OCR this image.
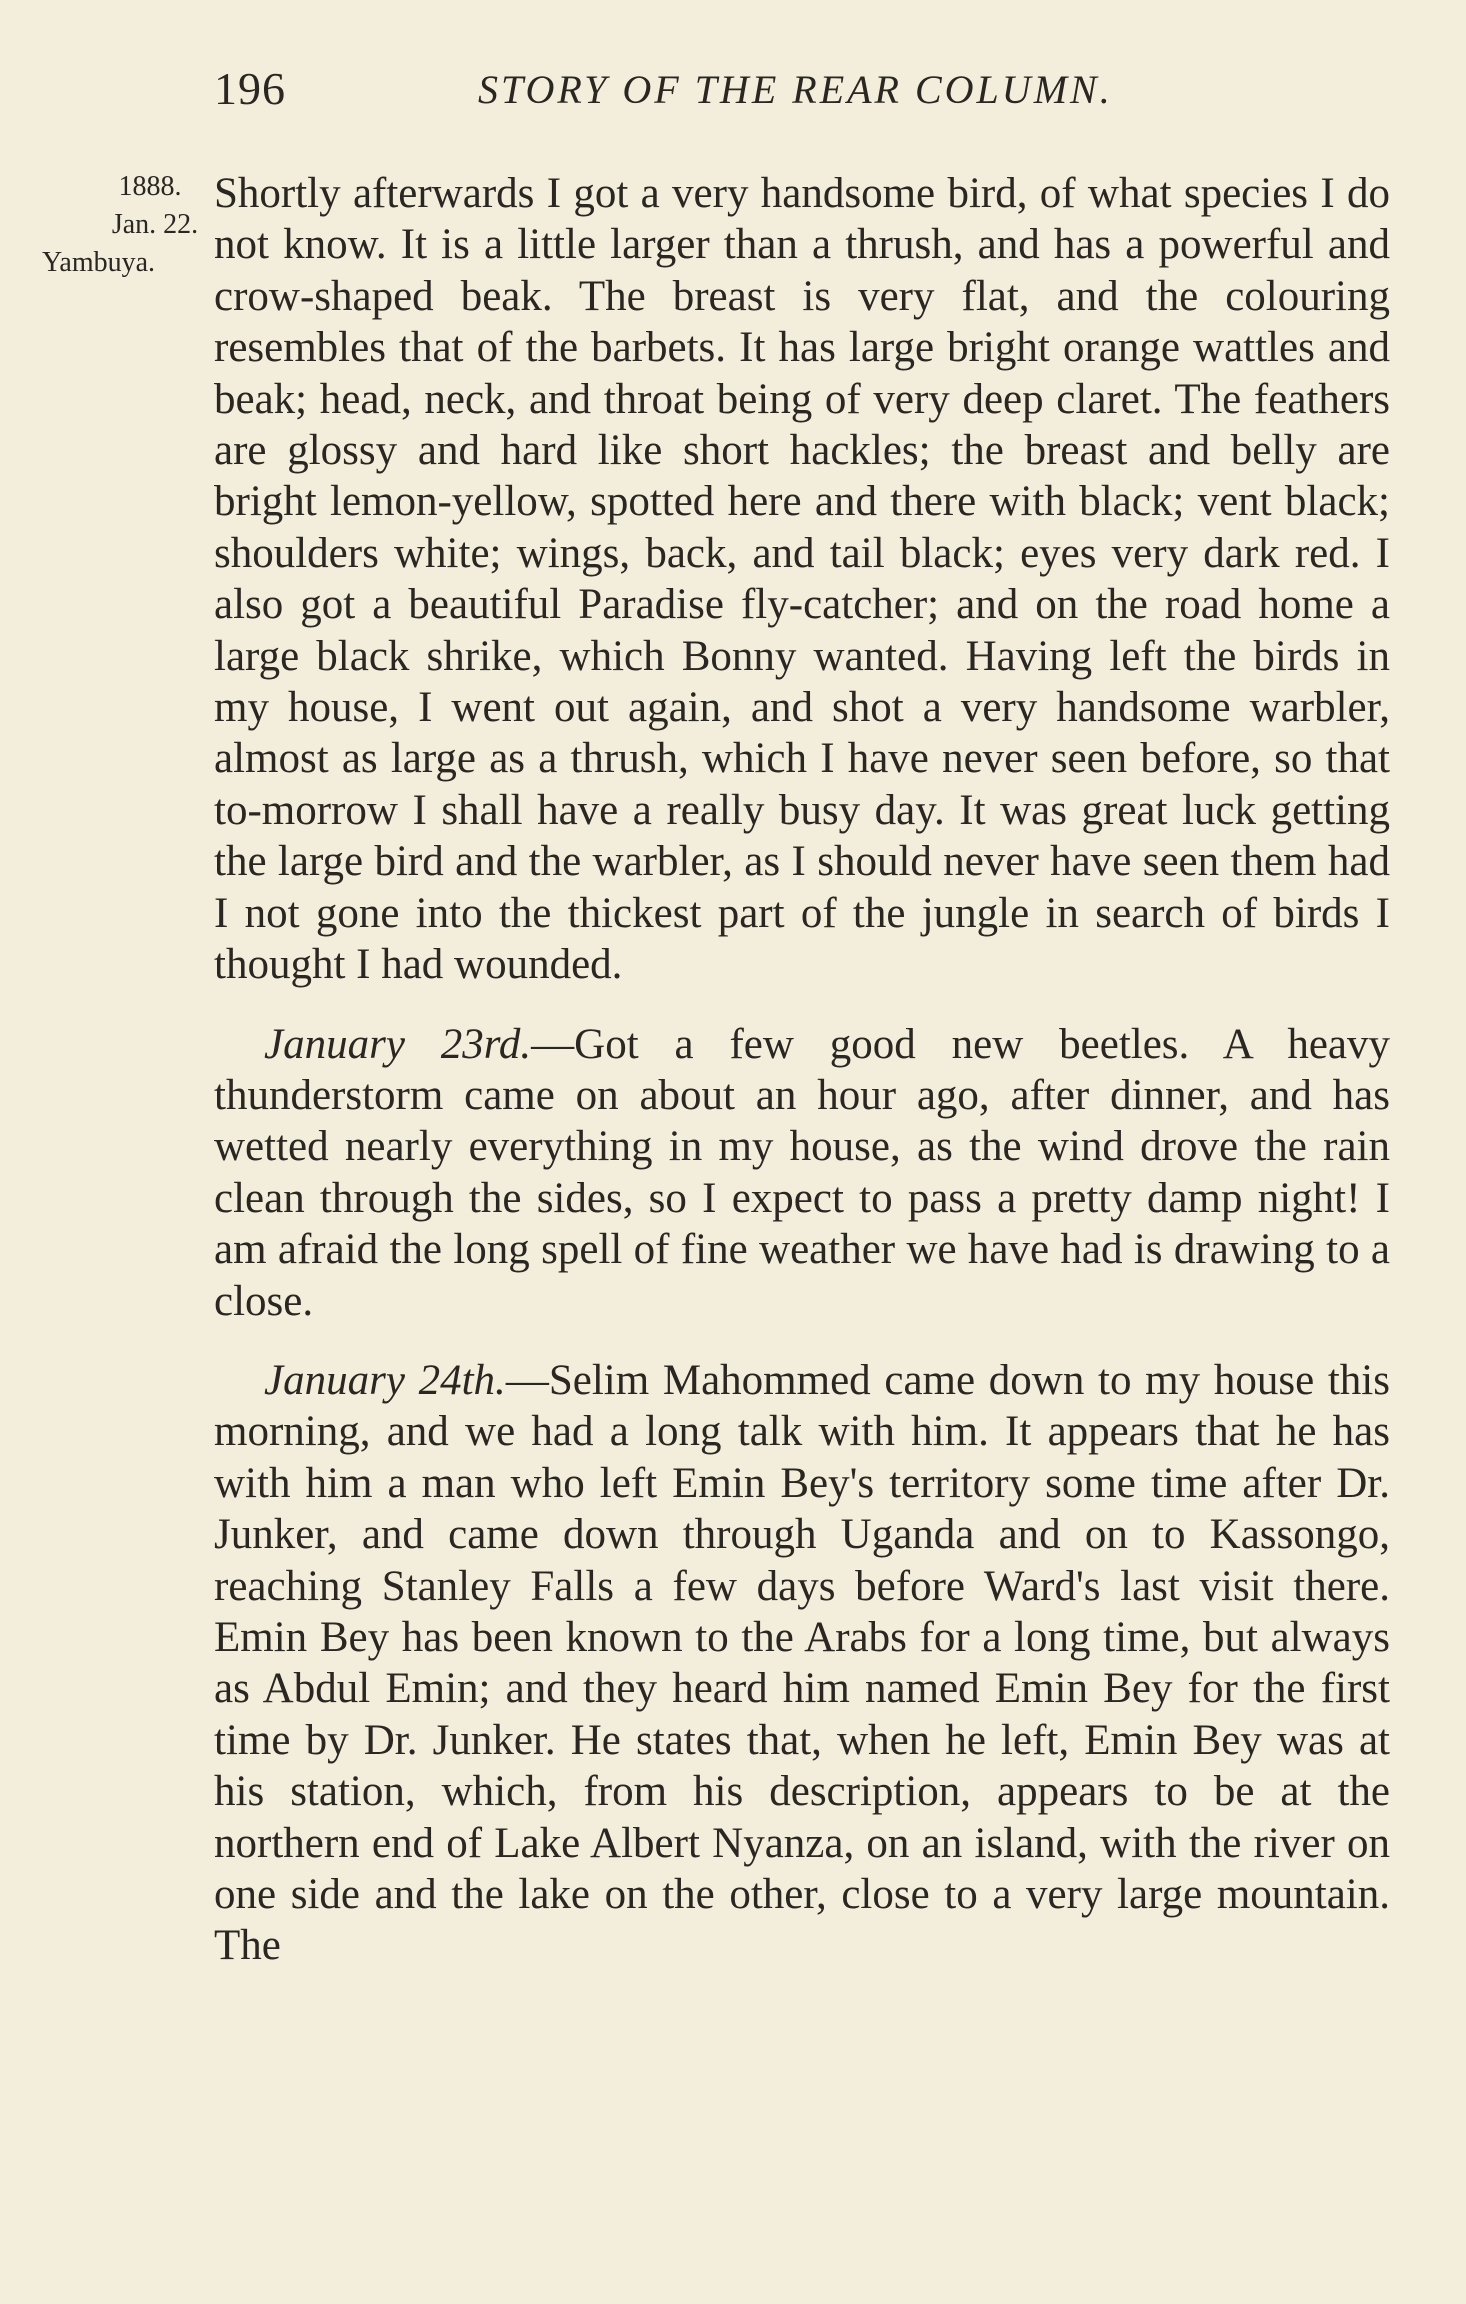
196	STORY OF THE REAR COLUMN.
1888.
Jan. 22.
Yambuya.

Shortly afterwards I got a very handsome bird, of what species I do not know. It is a little larger than a thrush, and has a powerful and crow-shaped beak. The breast is very flat, and the colouring resembles that of the barbets. It has large bright orange wattles and beak; head, neck, and throat being of very deep claret. The feathers are glossy and hard like short hackles; the breast and belly are bright lemon-yellow, spotted here and there with black; vent black; shoulders white; wings, back, and tail black; eyes very dark red. I also got a beautiful Paradise fly-catcher; and on the road home a large black shrike, which Bonny wanted. Having left the birds in my house, I went out again, and shot a very handsome warbler, almost as large as a thrush, which I have never seen before, so that to-morrow I shall have a really busy day. It was great luck getting the large bird and the warbler, as I should never have seen them had I not gone into the thickest part of the jungle in search of birds I thought I had wounded.

January 23rd.—Got a few good new beetles. A heavy thunderstorm came on about an hour ago, after dinner, and has wetted nearly everything in my house, as the wind drove the rain clean through the sides, so I expect to pass a pretty damp night! I am afraid the long spell of fine weather we have had is drawing to a close.

January 24th.—Selim Mahommed came down to my house this morning, and we had a long talk with him. It appears that he has with him a man who left Emin Bey's territory some time after Dr. Junker, and came down through Uganda and on to Kassongo, reaching Stanley Falls a few days before Ward's last visit there. Emin Bey has been known to the Arabs for a long time, but always as Abdul Emin; and they heard him named Emin Bey for the first time by Dr. Junker. He states that, when he left, Emin Bey was at his station, which, from his description, appears to be at the northern end of Lake Albert Nyanza, on an island, with the river on one side and the lake on the other, close to a very large mountain. The
